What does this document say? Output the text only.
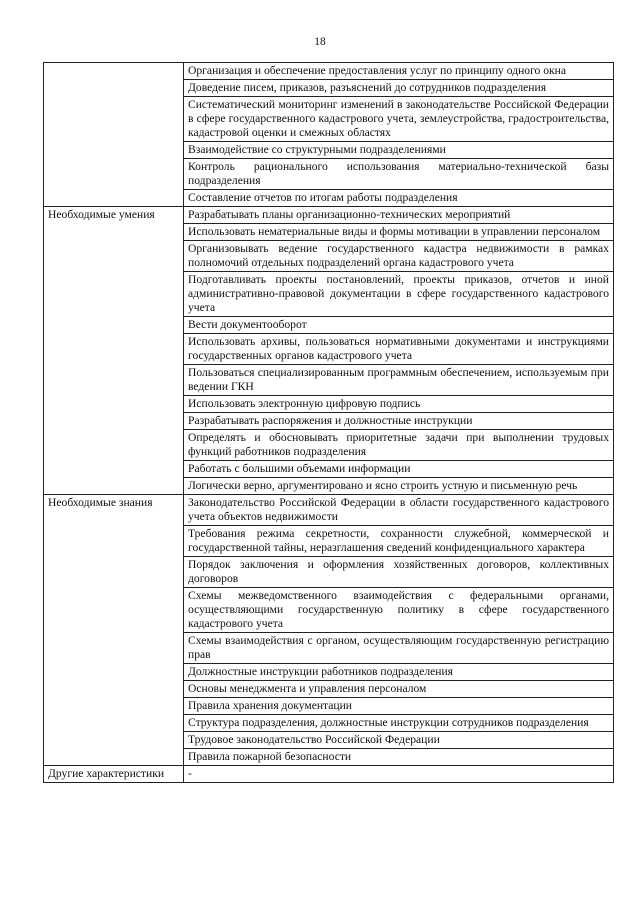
18
	Организация и обеспечение предоставления услуг по принципу одного окна
	Доведение писем, приказов, разъяснений до сотрудников подразделения
	Систематический мониторинг изменений в законодательстве Российской Федерации в сфере государственного кадастрового учета, землеустройства, градостроительства, кадастровой оценки и смежных областях
	Взаимодействие со структурными подразделениями
	Контроль рационального использования материально-технической базы подразделения
	Составление отчетов по итогам работы подразделения
Необходимые умения	Разрабатывать планы организационно-технических мероприятий
	Использовать нематериальные виды и формы мотивации в управлении персоналом
	Организовывать ведение государственного кадастра недвижимости в рамках полномочий отдельных подразделений органа кадастрового учета
	Подготавливать проекты постановлений, проекты приказов, отчетов и иной административно-правовой документации в сфере государственного кадастрового учета
	Вести документооборот
	Использовать архивы, пользоваться нормативными документами и инструкциями государственных органов кадастрового учета
	Пользоваться специализированным программным обеспечением, используемым при ведении ГКН
	Использовать электронную цифровую подпись
	Разрабатывать распоряжения и должностные инструкции
	Определять и обосновывать приоритетные задачи при выполнении трудовых функций работников подразделения
	Работать с большими объемами информации
	Логически верно, аргументировано и ясно строить устную и письменную речь
Необходимые знания	Законодательство Российской Федерации в области государственного кадастрового учета объектов недвижимости
	Требования режима секретности, сохранности служебной, коммерческой и государственной тайны, неразглашения сведений конфиденциального характера
	Порядок заключения и оформления хозяйственных договоров, коллективных договоров
	Схемы межведомственного взаимодействия с федеральными органами, осуществляющими государственную политику в сфере государственного кадастрового учета
	Схемы взаимодействия с органом, осуществляющим государственную регистрацию прав
	Должностные инструкции работников подразделения
	Основы менеджмента и управления персоналом
	Правила хранения документации
	Структура подразделения, должностные инструкции сотрудников подразделения
	Трудовое законодательство Российской Федерации
	Правила пожарной безопасности
Другие характеристики	-
